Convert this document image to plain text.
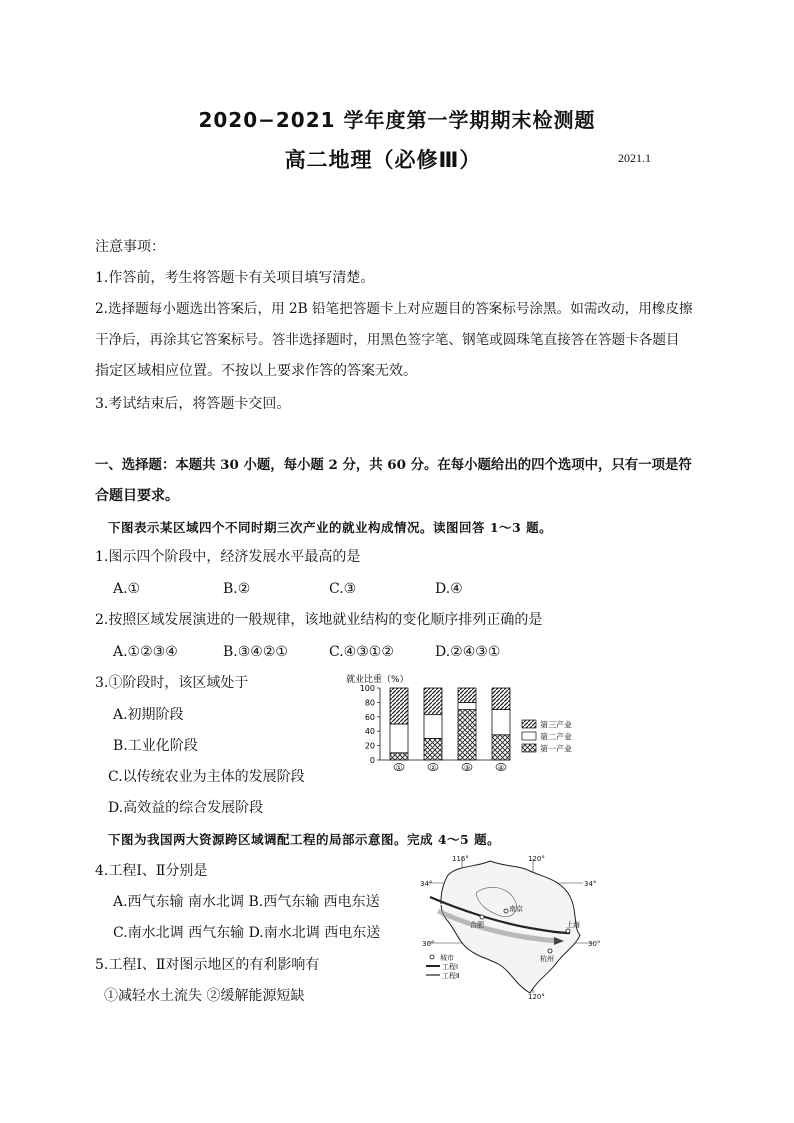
2020−2021 学年度第一学期期末检测题
高二地理（必修Ⅲ）	2021.1
注意事项：
1.作答前，考生将答题卡有关项目填写清楚。
2.选择题每小题选出答案后，用 2B 铅笔把答题卡上对应题目的答案标号涂黑。如需改动，用橡皮擦
干净后，再涂其它答案标号。答非选择题时，用黑色签字笔、钢笔或圆珠笔直接答在答题卡各题目
指定区域相应位置。不按以上要求作答的答案无效。
3.考试结束后，将答题卡交回。
一、选择题：本题共 30 小题，每小题 2 分，共 60 分。在每小题给出的四个选项中，只有一项是符
合题目要求。
下图表示某区域四个不同时期三次产业的就业构成情况。读图回答 1～3 题。
1.图示四个阶段中，经济发展水平最高的是
A.①	B.②	C.③	D.④
2.按照区域发展演进的一般规律，该地就业结构的变化顺序排列正确的是
A.①②③④	B.③④②①	C.④③①②	D.②④③①
3.①阶段时，该区域处于
A.初期阶段
B.工业化阶段
C.以传统农业为主体的发展阶段
D.高效益的综合发展阶段
就业比重（%）
0
20
40
60
80
100
①	②	③	④
第三产业
第二产业
第一产业
下图为我国两大资源跨区域调配工程的局部示意图。完成 4～5 题。
4.工程Ⅰ、Ⅱ分别是
A.西气东输 南水北调 B.西气东输 西电东送
C.南水北调 西气东输 D.南水北调 西电东送
5.工程Ⅰ、Ⅱ对图示地区的有利影响有
①减轻水土流失 ②缓解能源短缺
116°	120°
120°
34°	34°
30°	30°
南京
合肥	上海
杭州
城市
工程Ⅰ
工程Ⅱ
